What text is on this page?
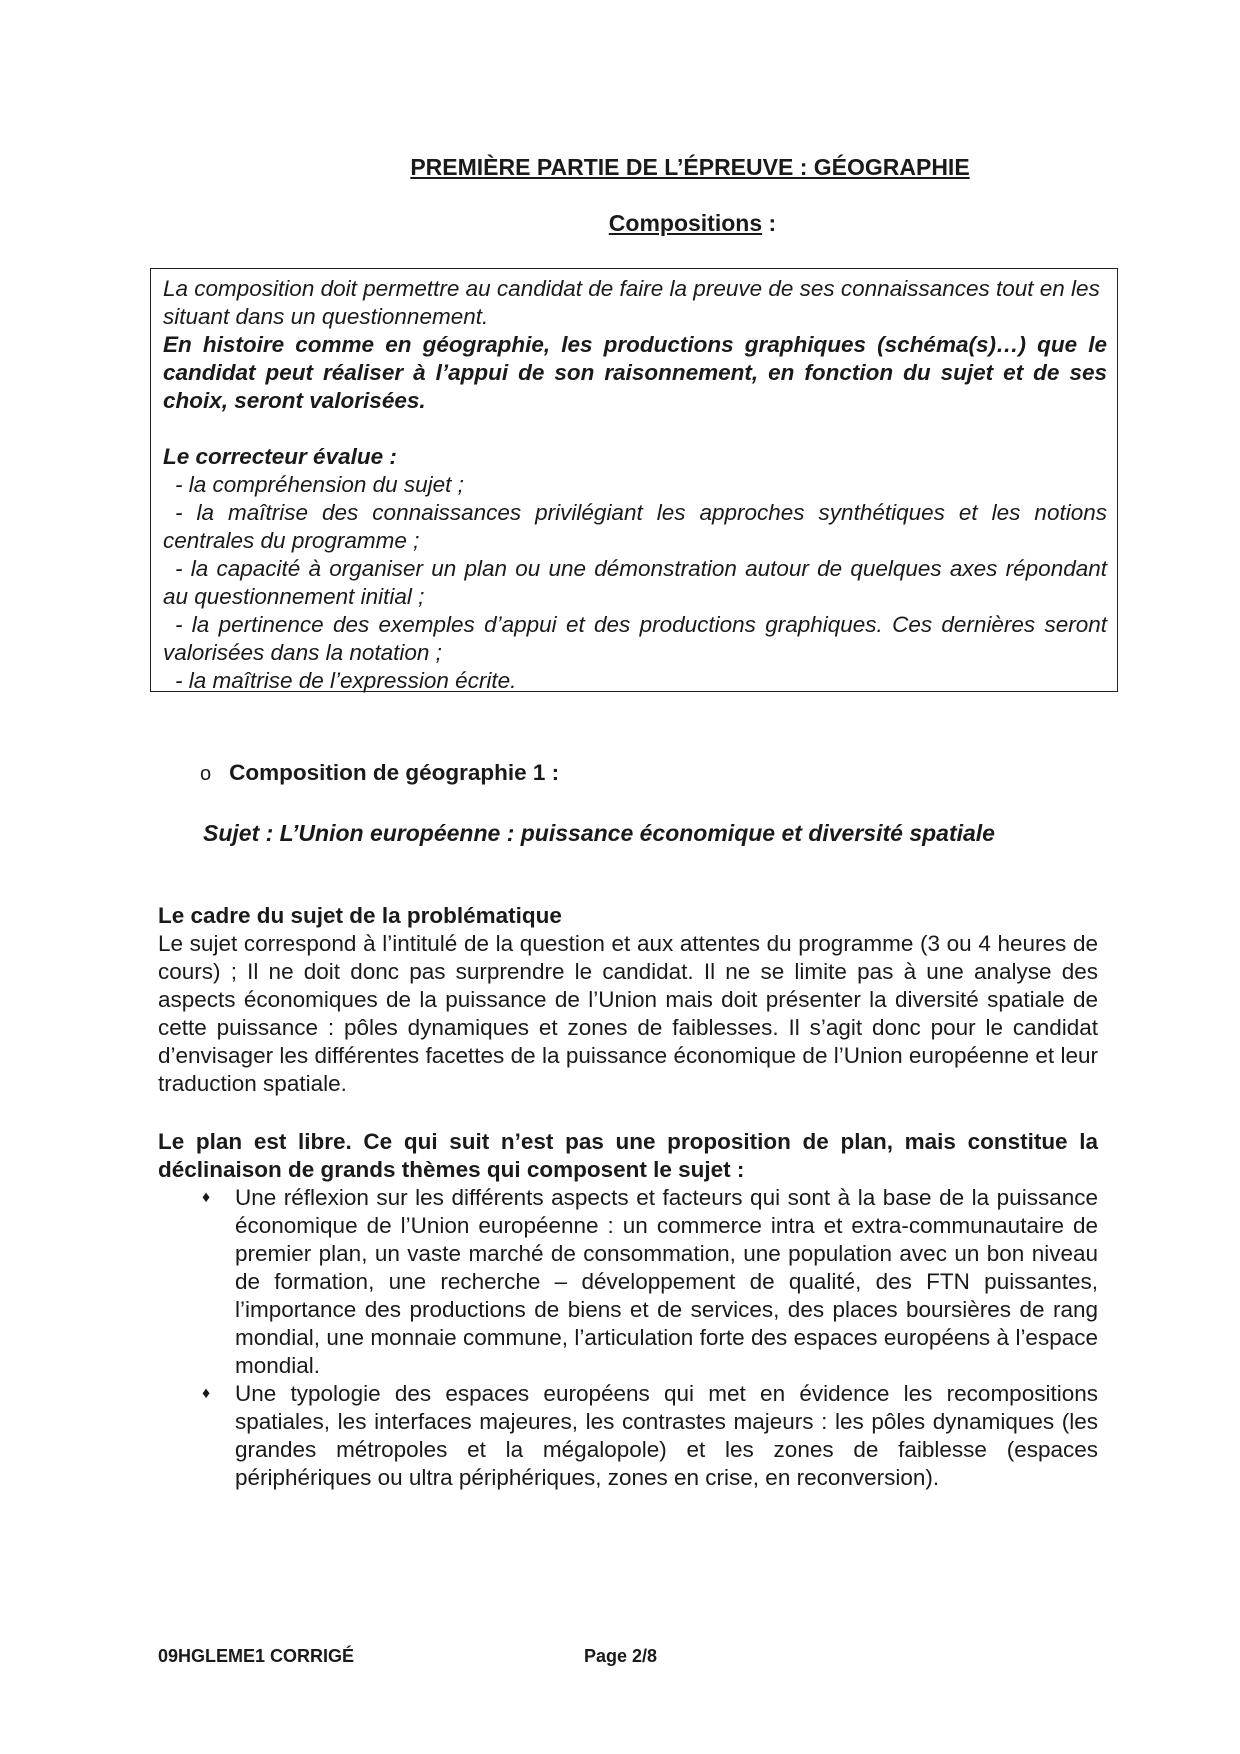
PREMIÈRE PARTIE DE L’ÉPREUVE : GÉOGRAPHIE
Compositions :

La composition doit permettre au candidat de faire la preuve de ses connaissances tout en les situant dans un questionnement.

En histoire comme en géographie, les productions graphiques (schéma(s)…) que le candidat peut réaliser à l’appui de son raisonnement, en fonction du sujet et de ses choix, seront valorisées.

Le correcteur évalue :

- la compréhension du sujet ;

- la maîtrise des connaissances privilégiant les approches synthétiques et les notions centrales du programme ;

- la capacité à organiser un plan ou une démonstration autour de quelques axes répondant au questionnement initial ;

- la pertinence des exemples d’appui et des productions graphiques. Ces dernières seront valorisées dans la notation ;

- la maîtrise de l’expression écrite.

o Composition de géographie 1 :
Sujet : L’Union européenne : puissance économique et diversité spatiale

Le cadre du sujet de la problématique

Le sujet correspond à l’intitulé de la question et aux attentes du programme (3 ou 4 heures de cours) ; Il ne doit donc pas surprendre le candidat. Il ne se limite pas à une analyse des aspects économiques de la puissance de l’Union mais doit présenter la diversité spatiale de cette puissance : pôles dynamiques et zones de faiblesses. Il s’agit donc pour le candidat d’envisager les différentes facettes de la puissance économique de l’Union européenne et leur traduction spatiale.

Le plan est libre. Ce qui suit n’est pas une proposition de plan, mais constitue la déclinaison de grands thèmes qui composent le sujet :

♦ Une réflexion sur les différents aspects et facteurs qui sont à la base de la puissance économique de l’Union européenne : un commerce intra et extra-communautaire de premier plan, un vaste marché de consommation, une population avec un bon niveau de formation, une recherche – développement de qualité, des FTN puissantes, l’importance des productions de biens et de services, des places boursières de rang mondial, une monnaie commune, l’articulation forte des espaces européens à l’espace mondial.
♦ Une typologie des espaces européens qui met en évidence les recompositions spatiales, les interfaces majeures, les contrastes majeurs : les pôles dynamiques (les grandes métropoles et la mégalopole) et les zones de faiblesse (espaces périphériques ou ultra périphériques, zones en crise, en reconversion).
09HGLEME1 CORRIGÉ	Page 2/8
